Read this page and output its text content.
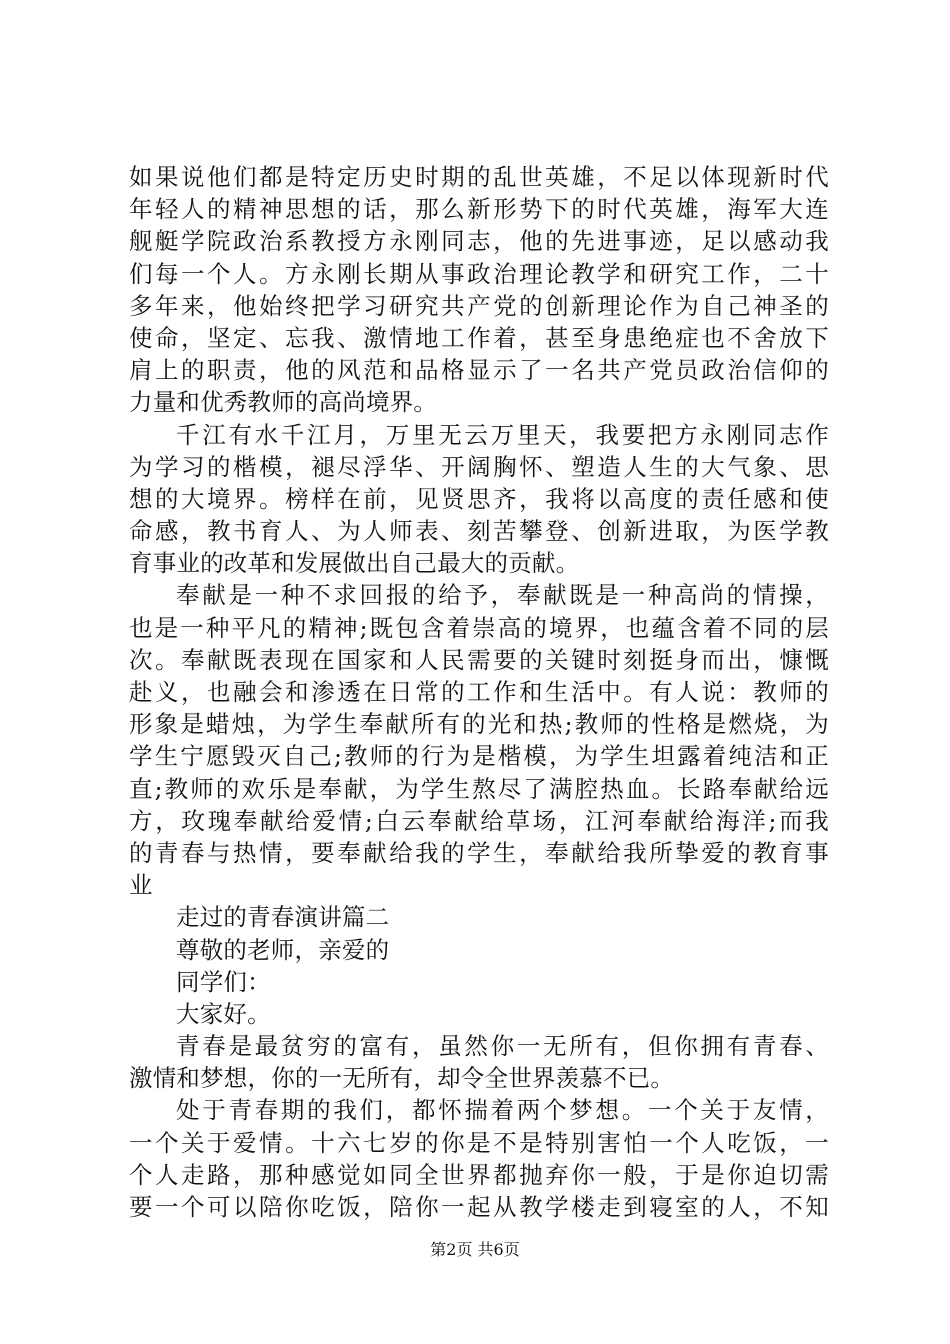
如果说他们都是特定历史时期的乱世英雄，不足以体现新时代
年轻人的精神思想的话，那么新形势下的时代英雄，海军大连
舰艇学院政治系教授方永刚同志，他的先进事迹，足以感动我
们每一个人。方永刚长期从事政治理论教学和研究工作，二十
多年来，他始终把学习研究共产党的创新理论作为自己神圣的
使命，坚定、忘我、激情地工作着，甚至身患绝症也不舍放下
肩上的职责，他的风范和品格显示了一名共产党员政治信仰的
力量和优秀教师的高尚境界。
千江有水千江月，万里无云万里天，我要把方永刚同志作
为学习的楷模，褪尽浮华、开阔胸怀、塑造人生的大气象、思
想的大境界。榜样在前，见贤思齐，我将以高度的责任感和使
命感，教书育人、为人师表、刻苦攀登、创新进取，为医学教
育事业的改革和发展做出自己最大的贡献。
奉献是一种不求回报的给予，奉献既是一种高尚的情操，
也是一种平凡的精神;既包含着崇高的境界，也蕴含着不同的层
次。奉献既表现在国家和人民需要的关键时刻挺身而出，慷慨
赴义，也融会和渗透在日常的工作和生活中。有人说：教师的
形象是蜡烛，为学生奉献所有的光和热;教师的性格是燃烧，为
学生宁愿毁灭自己;教师的行为是楷模，为学生坦露着纯洁和正
直;教师的欢乐是奉献，为学生熬尽了满腔热血。长路奉献给远
方，玫瑰奉献给爱情;白云奉献给草场，江河奉献给海洋;而我
的青春与热情，要奉献给我的学生，奉献给我所挚爱的教育事
业
走过的青春演讲篇二
尊敬的老师，亲爱的
同学们：
大家好。
青春是最贫穷的富有，虽然你一无所有，但你拥有青春、
激情和梦想，你的一无所有，却令全世界羡慕不已。
处于青春期的我们，都怀揣着两个梦想。一个关于友情，
一个关于爱情。十六七岁的你是不是特别害怕一个人吃饭，一
个人走路，那种感觉如同全世界都抛弃你一般，于是你迫切需
要一个可以陪你吃饭，陪你一起从教学楼走到寝室的人，不知
第2页 共6页
